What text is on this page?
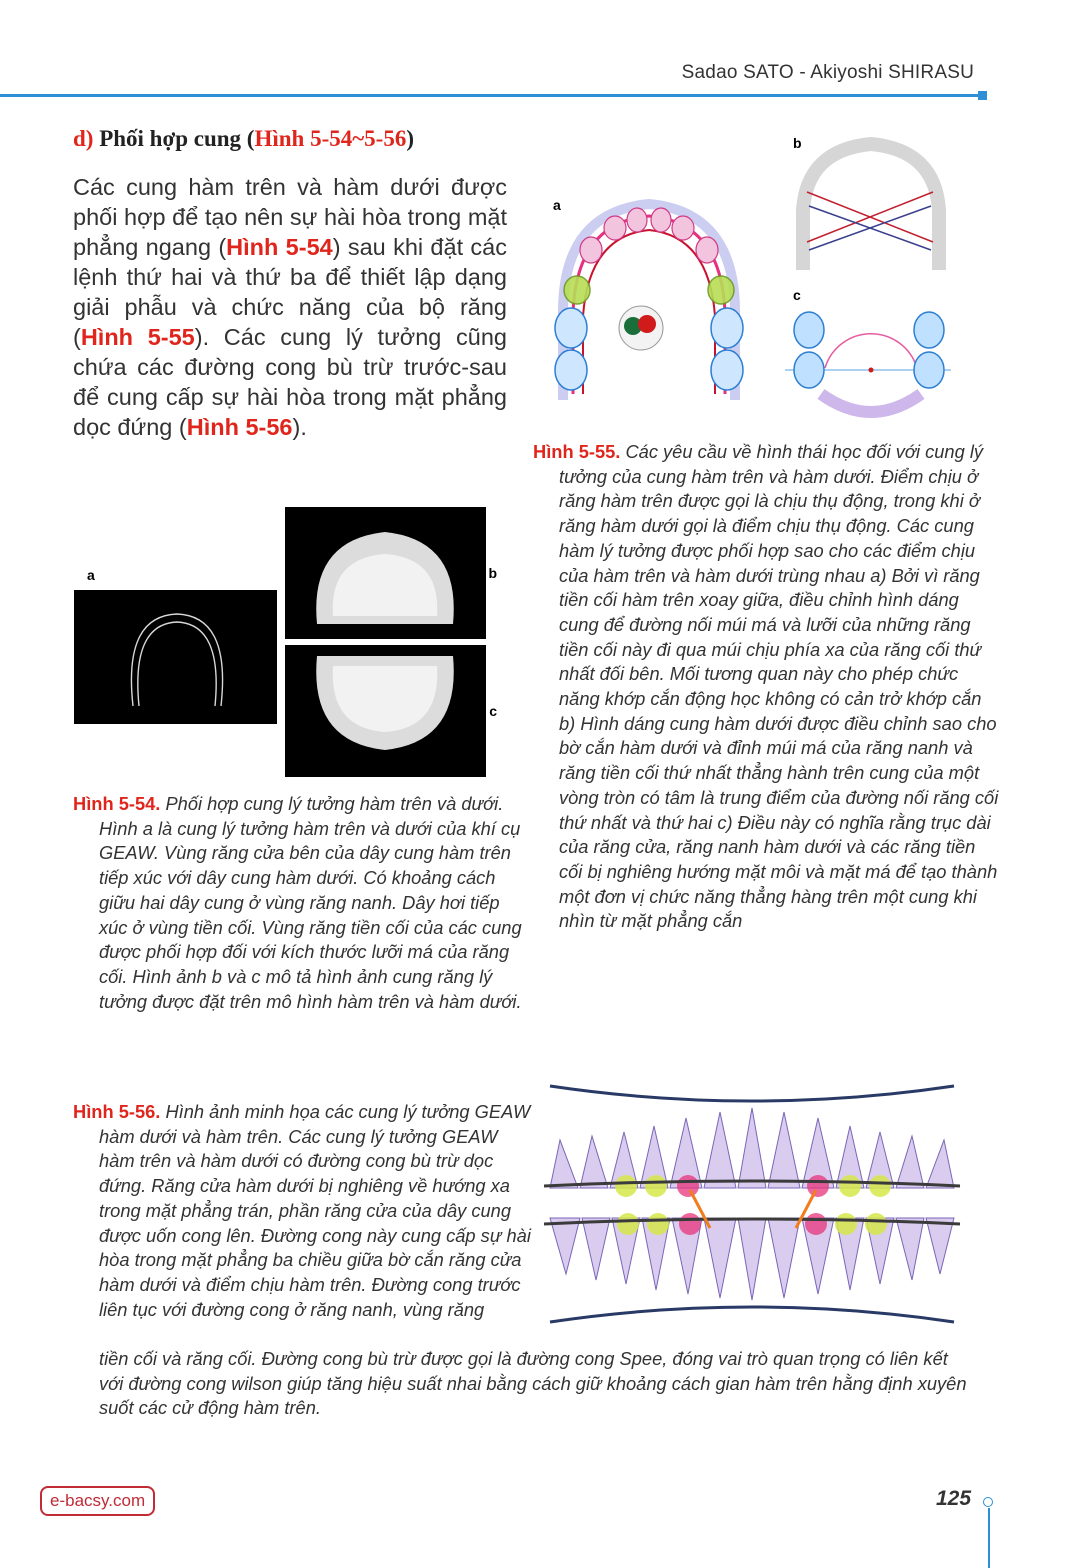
Sadao SATO - Akiyoshi SHIRASU
d) Phối hợp cung (Hình 5-54~5-56)
Các cung hàm trên và hàm dưới được phối hợp để tạo nên sự hài hòa trong mặt phẳng ngang (Hình 5-54) sau khi đặt các lệnh thứ hai và thứ ba để thiết lập dạng giải phẫu và chức năng của bộ răng (Hình 5-55). Các cung lý tưởng cũng chứa các đường cong bù trừ trước-sau để cung cấp sự hài hòa trong mặt phẳng dọc đứng (Hình 5-56).
a
b
c
Hình 5-55. Các yêu cầu về hình thái học đối với cung lý tưởng của cung hàm trên và hàm dưới. Điểm chịu ở răng hàm trên được gọi là chịu thụ động, trong khi ở răng hàm dưới gọi là điểm chịu thụ động. Các cung hàm lý tưởng được phối hợp sao cho các điểm chịu của hàm trên và hàm dưới trùng nhau a) Bởi vì răng tiền cối hàm trên xoay giữa, điều chỉnh hình dáng cung để đường nối múi má và lưỡi của những răng tiền cối này đi qua múi chịu phía xa của răng cối thứ nhất đối bên. Mối tương quan này cho phép chức năng khớp cắn động học không có cản trở khớp cắn b) Hình dáng cung hàm dưới được điều chỉnh sao cho bờ cắn hàm dưới và đỉnh múi má của răng nanh và răng tiền cối thứ nhất thẳng hành trên cung của một vòng tròn có tâm là trung điểm của đường nối răng cối thứ nhất và thứ hai c) Điều này có nghĩa rằng trục dài của răng cửa, răng nanh hàm dưới và các răng tiền cối bị nghiêng hướng mặt môi và mặt má để tạo thành một đơn vị chức năng thẳng hàng trên một cung khi nhìn từ mặt phẳng cắn
a	b
c
Hình 5-54. Phối hợp cung lý tưởng hàm trên và dưới. Hình a là cung lý tưởng hàm trên và dưới của khí cụ GEAW. Vùng răng cửa bên của dây cung hàm trên tiếp xúc với dây cung hàm dưới. Có khoảng cách giữu hai dây cung ở vùng răng nanh. Dây hơi tiếp xúc ở vùng tiền cối. Vùng răng tiền cối của các cung được phối hợp đối với kích thước lưỡi má của răng cối. Hình ảnh b và c mô tả hình ảnh cung răng lý tưởng được đặt trên mô hình hàm trên và hàm dưới.
Hình 5-56. Hình ảnh minh họa các cung lý tưởng GEAW hàm dưới và hàm trên. Các cung lý tưởng GEAW hàm trên và hàm dưới có đường cong bù trừ dọc đứng. Răng cửa hàm dưới bị nghiêng về hướng xa trong mặt phẳng trán, phần răng cửa của dây cung được uốn cong lên. Đường cong này cung cấp sự hài hòa trong mặt phẳng ba chiều giữa bờ cắn răng cửa hàm dưới và điểm chịu hàm trên. Đường cong trước liên tục với đường cong ở răng nanh, vùng răng
tiền cối và răng cối. Đường cong bù trừ được gọi là đường cong Spee, đóng vai trò quan trọng có liên kết với đường cong wilson giúp tăng hiệu suất nhai bằng cách giữ khoảng cách gian hàm trên hằng định xuyên suốt các cử động hàm trên.
e-bacsy.com	125
